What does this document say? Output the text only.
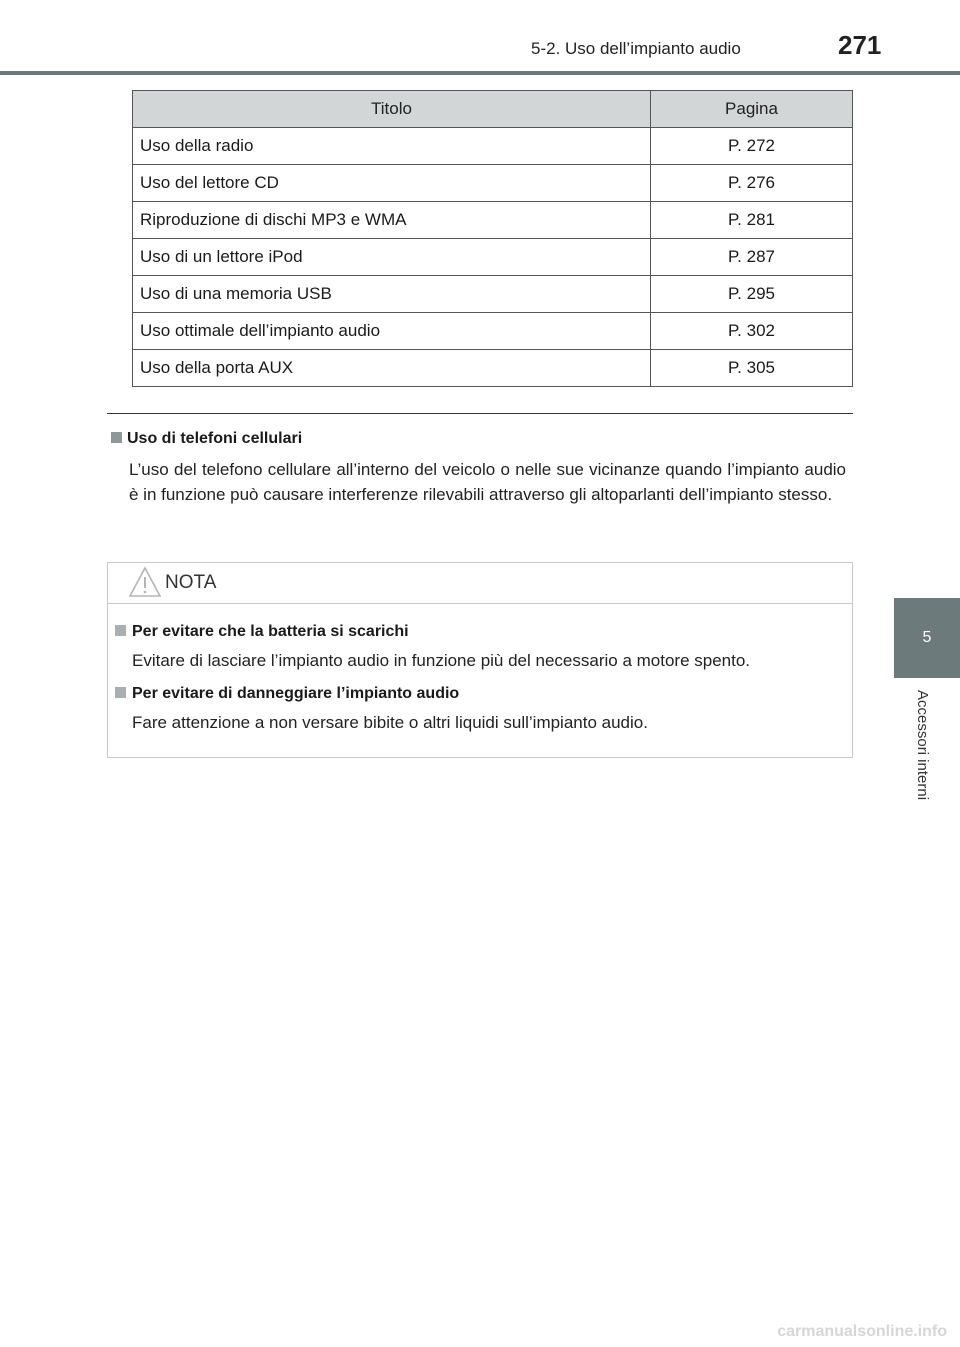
5-2. Uso dell’impianto audio	271
5
Accessori interni
Titolo	Pagina
Uso della radio	P. 272
Uso del lettore CD	P. 276
Riproduzione di dischi MP3 e WMA	P. 281
Uso di un lettore iPod	P. 287
Uso di una memoria USB	P. 295
Uso ottimale dell’impianto audio	P. 302
Uso della porta AUX	P. 305
Uso di telefoni cellulari
L’uso del telefono cellulare all’interno del veicolo o nelle sue vicinanze quando l’impianto audio è in funzione può causare interferenze rilevabili attraverso gli altoparlanti dell’impianto stesso.
NOTA
Per evitare che la batteria si scarichi
Evitare di lasciare l’impianto audio in funzione più del necessario a motore spento.
Per evitare di danneggiare l’impianto audio
Fare attenzione a non versare bibite o altri liquidi sull’impianto audio.
carmanualsonline.info
